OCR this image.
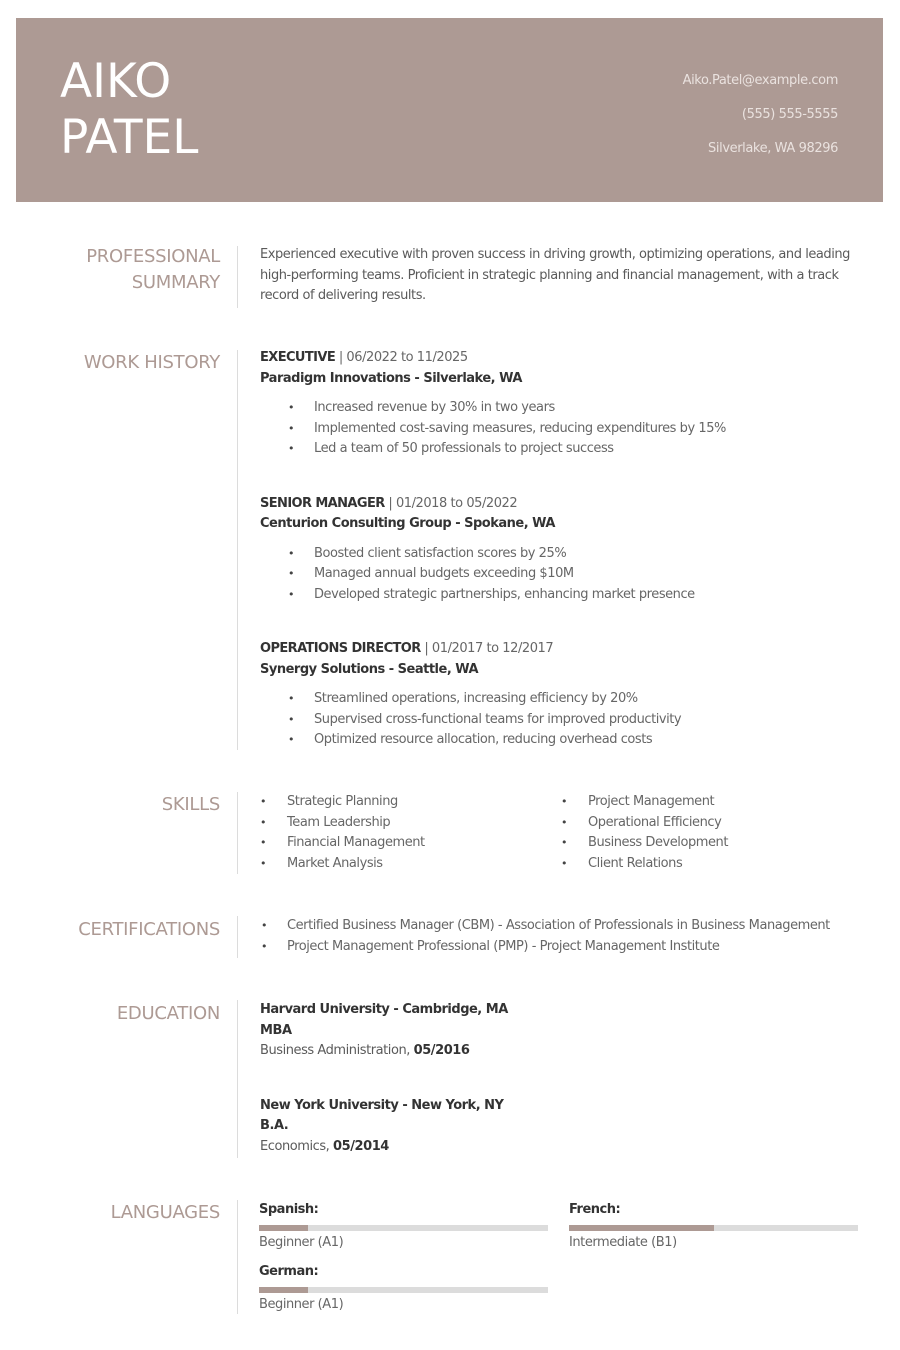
AIKO
PATEL
Aiko.Patel@example.com
(555) 555-5555
Silverlake, WA 98296
PROFESSIONAL
SUMMARY
Experienced executive with proven success in driving growth, optimizing operations, and leading high-performing teams. Proficient in strategic planning and financial management, with a track record of delivering results.
WORK HISTORY	EXECUTIVE | 06/2022 to 11/2025
Paradigm Innovations - Silverlake, WA
• Increased revenue by 30% in two years
• Implemented cost-saving measures, reducing expenditures by 15%
• Led a team of 50 professionals to project success
SENIOR MANAGER | 01/2018 to 05/2022
Centurion Consulting Group - Spokane, WA
• Boosted client satisfaction scores by 25%
• Managed annual budgets exceeding $10M
• Developed strategic partnerships, enhancing market presence
OPERATIONS DIRECTOR | 01/2017 to 12/2017
Synergy Solutions - Seattle, WA
• Streamlined operations, increasing efficiency by 20%
• Supervised cross-functional teams for improved productivity
• Optimized resource allocation, reducing overhead costs
SKILLS	• Strategic Planning
• Team Leadership
• Financial Management
• Market Analysis
• Project Management
• Operational Efficiency
• Business Development
• Client Relations
CERTIFICATIONS	• Certified Business Manager (CBM) - Association of Professionals in Business Management
• Project Management Professional (PMP) - Project Management Institute
EDUCATION	Harvard University - Cambridge, MA
MBA
Business Administration, 05/2016
New York University - New York, NY
B.A.
Economics, 05/2014
LANGUAGES	Spanish:
Beginner (A1)
French:
Intermediate (B1)
German:
Beginner (A1)
